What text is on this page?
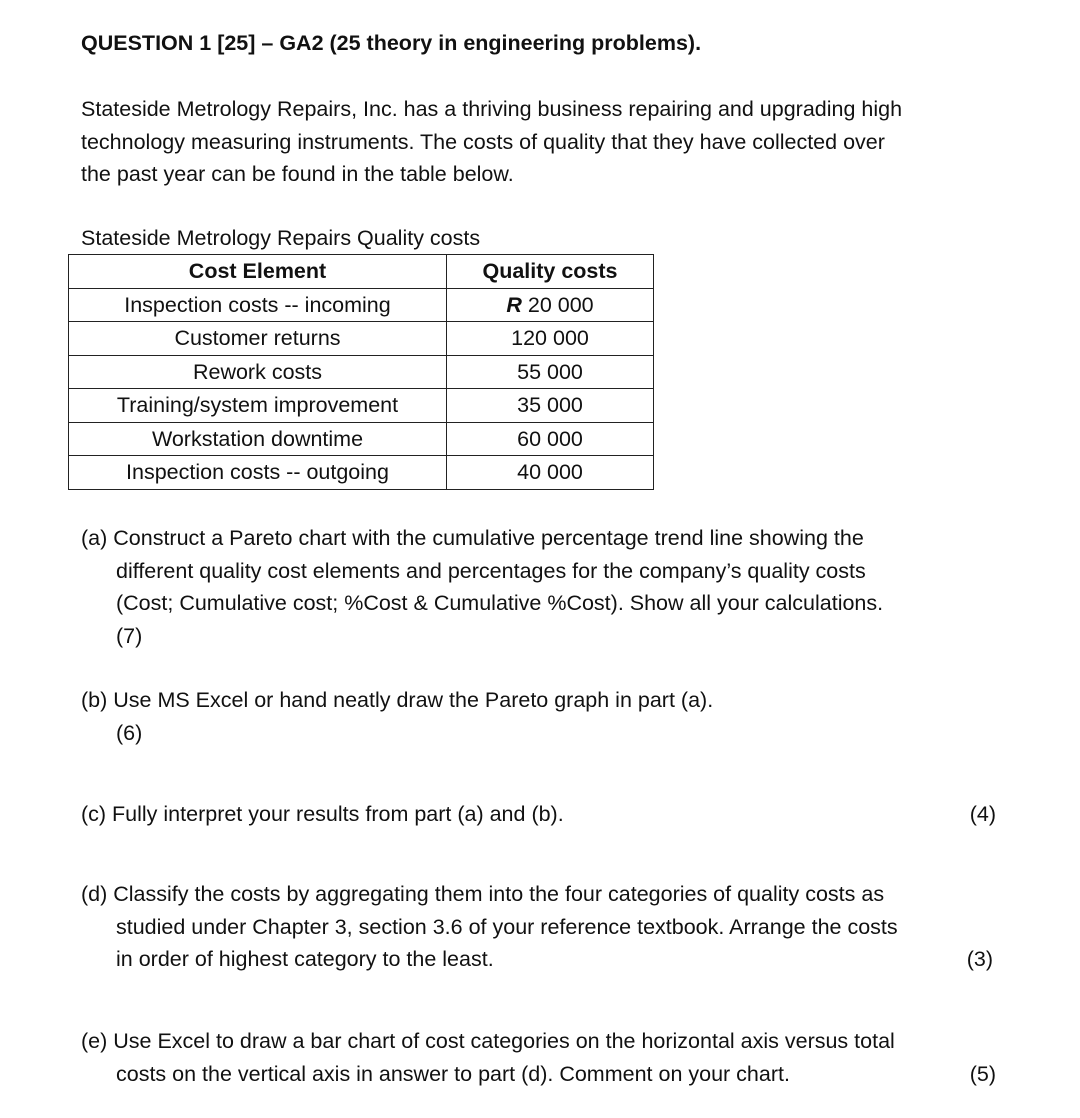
QUESTION 1 [25] – GA2 (25 theory in engineering problems).
Stateside Metrology Repairs, Inc. has a thriving business repairing and upgrading high
technology measuring instruments. The costs of quality that they have collected over
the past year can be found in the table below.
Stateside Metrology Repairs Quality costs
Cost Element	Quality costs
Inspection costs -- incoming	R 20 000
Customer returns	120 000
Rework costs	55 000
Training/system improvement	35 000
Workstation downtime	60 000
Inspection costs -- outgoing	40 000
(a) Construct a Pareto chart with the cumulative percentage trend line showing the
different quality cost elements and percentages for the company’s quality costs
(Cost; Cumulative cost; %Cost & Cumulative %Cost). Show all your calculations.
(7)
(b) Use MS Excel or hand neatly draw the Pareto graph in part (a).
(6)
(c) Fully interpret your results from part (a) and (b).	(4)
(d) Classify the costs by aggregating them into the four categories of quality costs as
studied under Chapter 3, section 3.6 of your reference textbook. Arrange the costs
in order of highest category to the least.	(3)
(e) Use Excel to draw a bar chart of cost categories on the horizontal axis versus total
costs on the vertical axis in answer to part (d). Comment on your chart.	(5)
